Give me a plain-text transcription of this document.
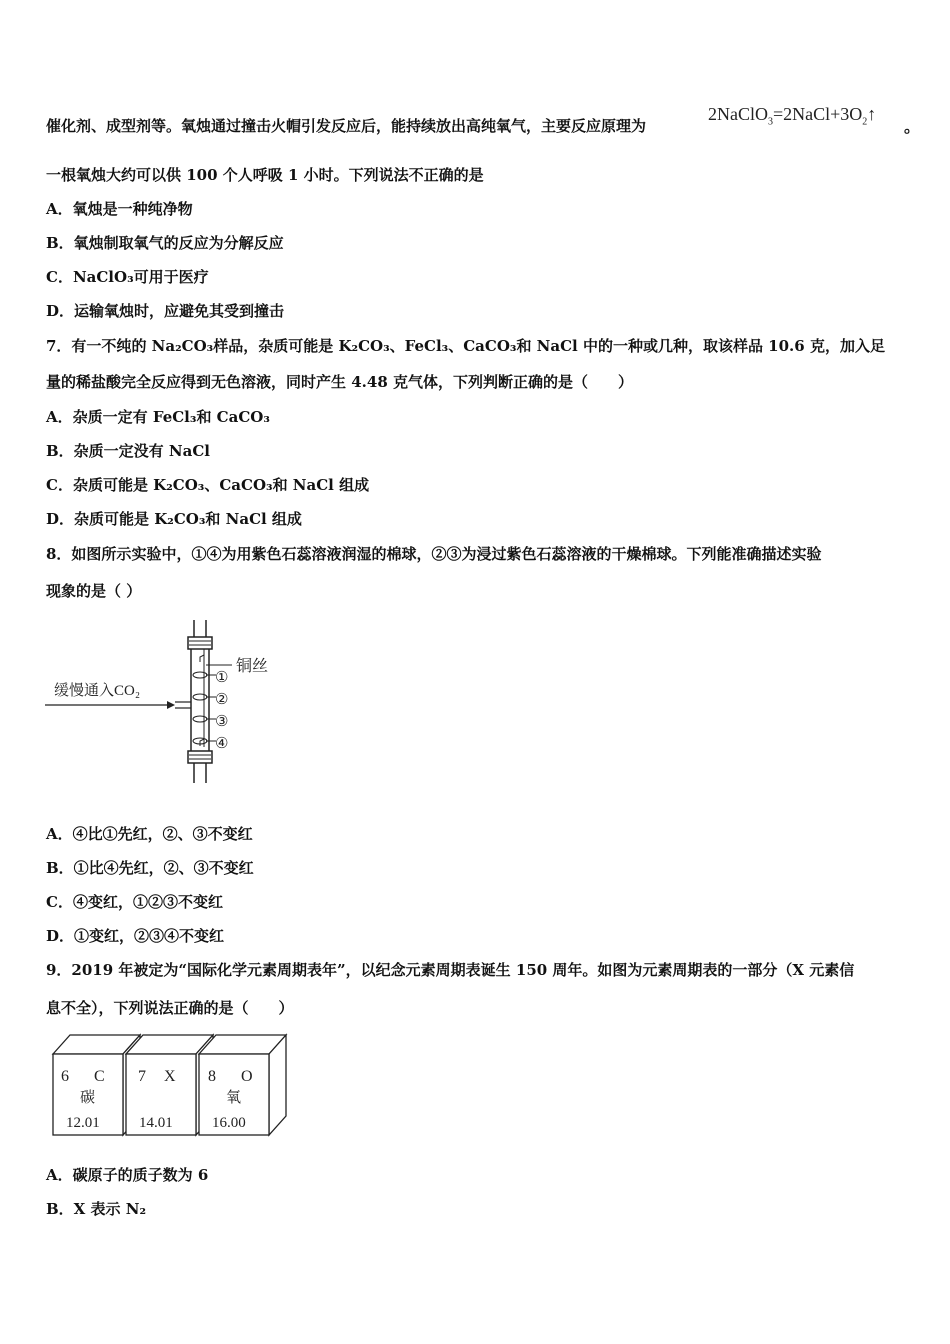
催化剂、成型剂等。氧烛通过撞击火帽引发反应后，能持续放出高纯氧气，主要反应原理为
$2NaClO_3=2NaCl+3O_2↑$
。
一根氧烛大约可以供 100 个人呼吸 1 小时。下列说法不正确的是
A．氧烛是一种纯净物
B．氧烛制取氧气的反应为分解反应
C．NaClO₃可用于医疗
D．运输氧烛时，应避免其受到撞击
7．有一不纯的 Na₂CO₃样品，杂质可能是 K₂CO₃、FeCl₃、CaCO₃和 NaCl 中的一种或几种，取该样品 10.6 克，加入足
量的稀盐酸完全反应得到无色溶液，同时产生 4.48 克气体，下列判断正确的是（　　）
A．杂质一定有 FeCl₃和 CaCO₃
B．杂质一定没有 NaCl
C．杂质可能是 K₂CO₃、CaCO₃和 NaCl 组成
D．杂质可能是 K₂CO₃和 NaCl 组成
8．如图所示实验中，①④为用紫色石蕊溶液润湿的棉球，②③为浸过紫色石蕊溶液的干燥棉球。下列能准确描述实验
现象的是（ ）
缓慢通入CO₂
铜丝
①
②
③
④
A．④比①先红，②、③不变红
B．①比④先红，②、③不变红
C．④变红，①②③不变红
D．①变红，②③④不变红
9．2019 年被定为“国际化学元素周期表年”，以纪念元素周期表诞生 150 周年。如图为元素周期表的一部分（X 元素信
息不全），下列说法正确的是（　　）
6 C
碳
12.01
7 X
14.01
8 O
氧
16.00
A．碳原子的质子数为 6
B．X 表示 N₂
